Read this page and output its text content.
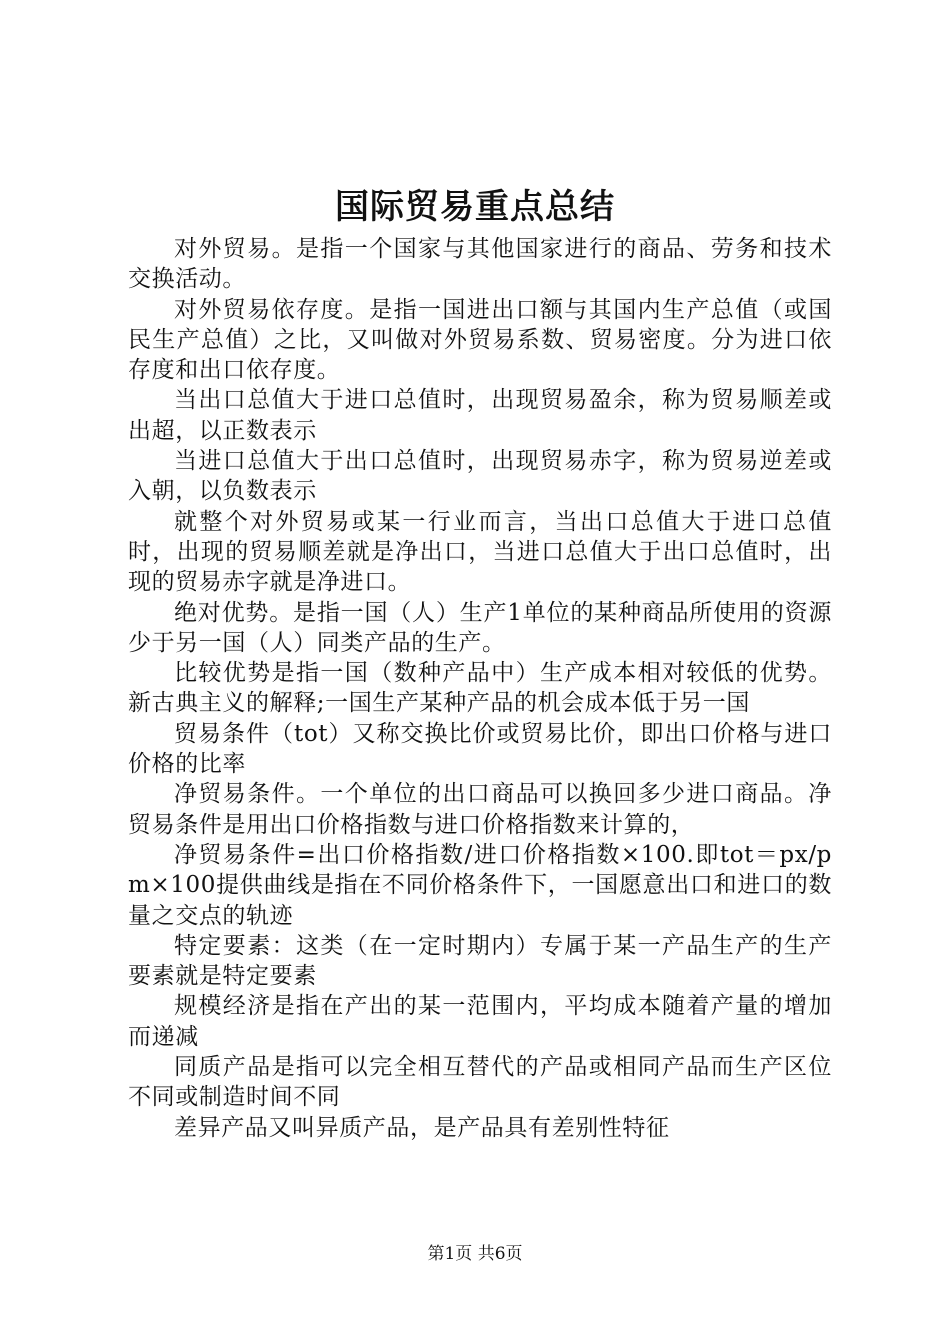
国际贸易重点总结

对外贸易。是指一个国家与其他国家进行的商品、劳务和技术交换活动。

对外贸易依存度。是指一国进出口额与其国内生产总值（或国民生产总值）之比，又叫做对外贸易系数、贸易密度。分为进口依存度和出口依存度。

当出口总值大于进口总值时，出现贸易盈余，称为贸易顺差或出超，以正数表示

当进口总值大于出口总值时，出现贸易赤字，称为贸易逆差或入朝，以负数表示

就整个对外贸易或某一行业而言，当出口总值大于进口总值时，出现的贸易顺差就是净出口，当进口总值大于出口总值时，出现的贸易赤字就是净进口。

绝对优势。是指一国（人）生产1单位的某种商品所使用的资源少于另一国（人）同类产品的生产。

比较优势是指一国（数种产品中）生产成本相对较低的优势。新古典主义的解释;一国生产某种产品的机会成本低于另一国

贸易条件（tot）又称交换比价或贸易比价，即出口价格与进口价格的比率

净贸易条件。一个单位的出口商品可以换回多少进口商品。净贸易条件是用出口价格指数与进口价格指数来计算的，

净贸易条件=出口价格指数/进口价格指数×100.即tot＝px/pm×100提供曲线是指在不同价格条件下，一国愿意出口和进口的数量之交点的轨迹

特定要素：这类（在一定时期内）专属于某一产品生产的生产要素就是特定要素

规模经济是指在产出的某一范围内，平均成本随着产量的增加而递减

同质产品是指可以完全相互替代的产品或相同产品而生产区位不同或制造时间不同

差异产品又叫异质产品，是产品具有差别性特征

第1页 共6页
